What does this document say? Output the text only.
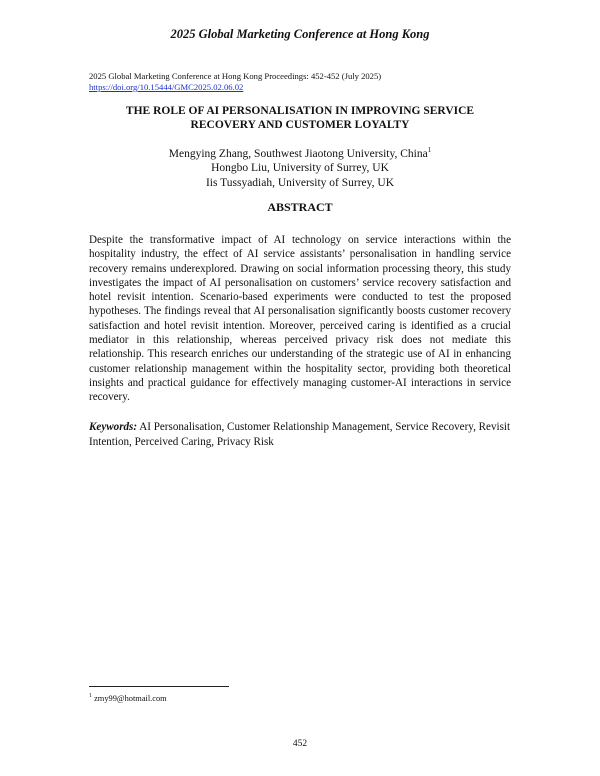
2025 Global Marketing Conference at Hong Kong
2025 Global Marketing Conference at Hong Kong Proceedings: 452-452 (July 2025)
https://doi.org/10.15444/GMC2025.02.06.02
THE ROLE OF AI PERSONALISATION IN IMPROVING SERVICE
RECOVERY AND CUSTOMER LOYALTY
Mengying Zhang, Southwest Jiaotong University, China$^1$
Hongbo Liu, University of Surrey, UK
Iis Tussyadiah, University of Surrey, UK
ABSTRACT

Despite the transformative impact of AI technology on service interactions within the hospitality industry, the effect of AI service assistants’ personalisation in handling service recovery remains underexplored. Drawing on social information processing theory, this study investigates the impact of AI personalisation on customers’ service recovery satisfaction and hotel revisit intention. Scenario-based experiments were conducted to test the proposed hypotheses. The findings reveal that AI personalisation significantly boosts customer recovery satisfaction and hotel revisit intention. Moreover, perceived caring is identified as a crucial mediator in this relationship, whereas perceived privacy risk does not mediate this relationship. This research enriches our understanding of the strategic use of AI in enhancing customer relationship management within the hospitality sector, providing both theoretical insights and practical guidance for effectively managing customer-AI interactions in service recovery.

Keywords: AI Personalisation, Customer Relationship Management, Service Recovery, Revisit Intention, Perceived Caring, Privacy Risk

$^1$ zmy99@hotmail.com
452
